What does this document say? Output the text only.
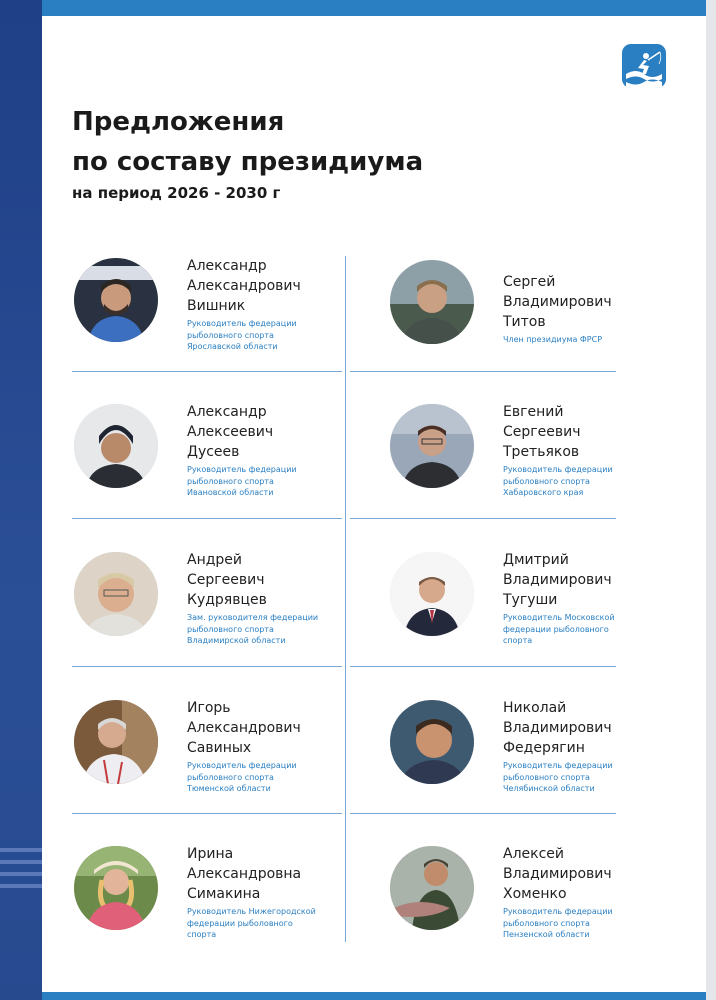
Предложения
по составу президиума
на период 2026 - 2030 г
Александр
Александрович
Вишник
Руководитель федерации
рыболовного спорта
Ярославской области
Сергей
Владимирович
Титов
Член президиума ФРСР
Александр
Алексеевич
Дусеев
Руководитель федерации
рыболовного спорта
Ивановской области
Евгений
Сергеевич
Третьяков
Руководитель федерации
рыболовного спорта
Хабаровского края
Андрей
Сергеевич
Кудрявцев
Зам. руководителя федерации
рыболовного спорта
Владимирской области
Дмитрий
Владимирович
Тугуши
Руководитель Московской
федерации рыболовного
спорта
Игорь
Александрович
Савиных
Руководитель федерации
рыболовного спорта
Тюменской области
Николай
Владимирович
Федерягин
Руководитель федерации
рыболовного спорта
Челябинской области
Ирина
Александровна
Симакина
Руководитель Нижегородской
федерации рыболовного
спорта
Алексей
Владимирович
Хоменко
Руководитель федерации
рыболовного спорта
Пензенской области
